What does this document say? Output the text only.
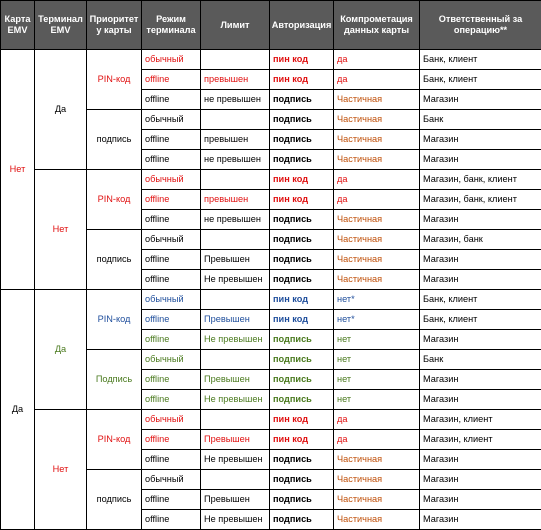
Карта EMV	Терминал EMV	Приоритет у карты	Режим терминала	Лимит	Авторизация	Компрометация данных карты	Ответственный за операцию**
Нет	Да	PIN-код	обычный		пин код	да	Банк, клиент
			offline	превышен	пин код	да	Банк, клиент
			offline	не превышен	подпись	Частичная	Магазин
		подпись	обычный		подпись	Частичная	Банк
			offline	превышен	подпись	Частичная	Магазин
			offline	не превышен	подпись	Частичная	Магазин
	Нет	PIN-код	обычный		пин код	да	Магазин, банк, клиент
			offline	превышен	пин код	да	Магазин, банк, клиент
			offline	не превышен	подпись	Частичная	Магазин
		подпись	обычный		подпись	Частичная	Магазин, банк
			offline	Превышен	подпись	Частичная	Магазин
			offline	Не превышен	подпись	Частичная	Магазин
Да	Да	PIN-код	обычный		пин код	нет*	Банк, клиент
			offline	Превышен	пин код	нет*	Банк, клиент
			offline	Не превышен	подпись	нет	Магазин
		Подпись	обычный		подпись	нет	Банк
			offline	Превышен	подпись	нет	Магазин
			offline	Не превышен	подпись	нет	Магазин
	Нет	PIN-код	обычный		пин код	да	Магазин, клиент
			offline	Превышен	пин код	да	Магазин, клиент
			offline	Не превышен	подпись	Частичная	Магазин
		подпись	обычный		подпись	Частичная	Магазин
			offline	Превышен	подпись	Частичная	Магазин
			offline	Не превышен	подпись	Частичная	Магазин
